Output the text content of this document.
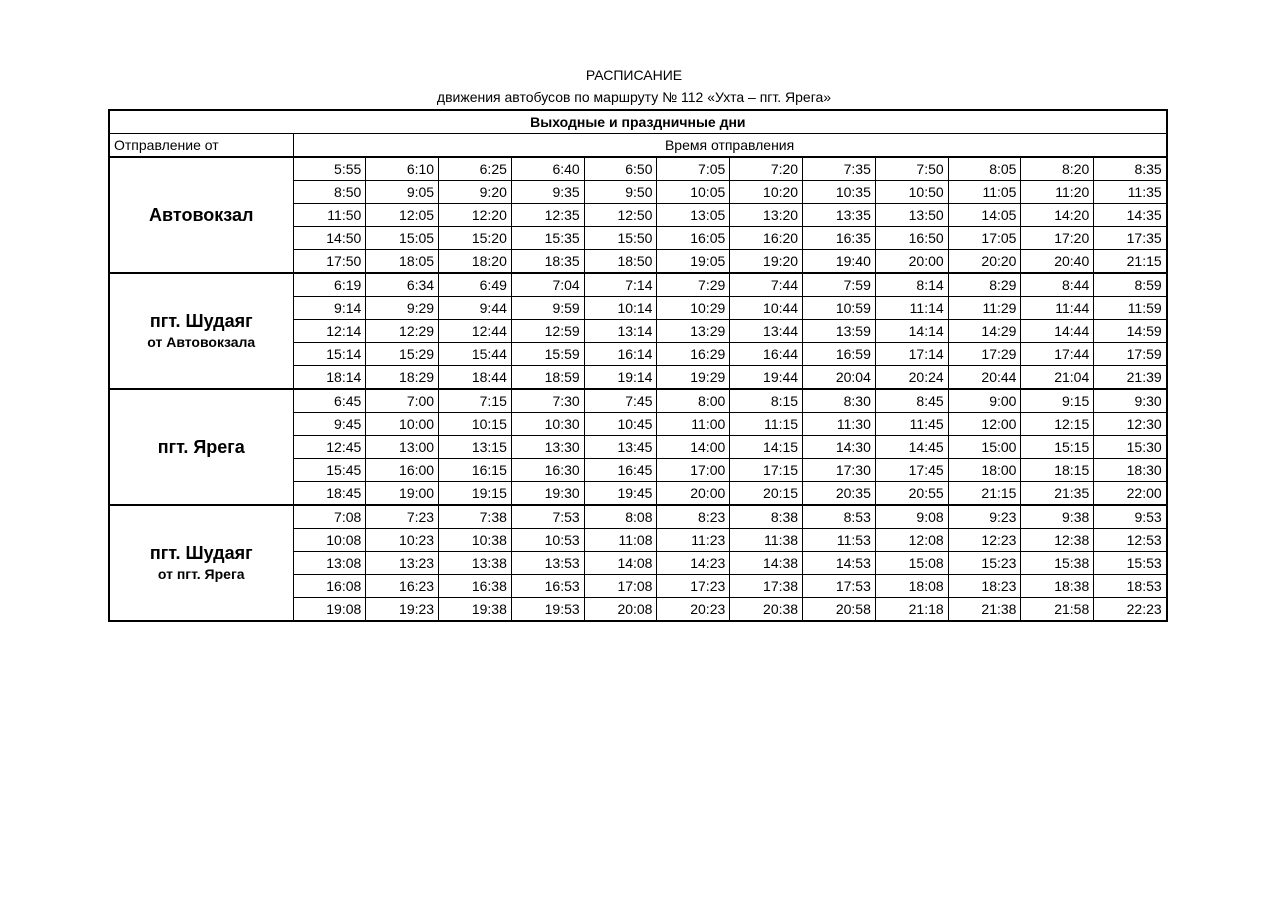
РАСПИСАНИЕ
движения автобусов по маршруту № 112 «Ухта – пгт. Ярега»
Выходные и праздничные дни												
Отправление от	Время отправления											

Автовокзал	5:55	6:10	6:25	6:40	6:50	7:05	7:20	7:35	7:50	8:05	8:20	8:35
	8:50	9:05	9:20	9:35	9:50	10:05	10:20	10:35	10:50	11:05	11:20	11:35
	11:50	12:05	12:20	12:35	12:50	13:05	13:20	13:35	13:50	14:05	14:20	14:35
	14:50	15:05	15:20	15:35	15:50	16:05	16:20	16:35	16:50	17:05	17:20	17:35
	17:50	18:05	18:20	18:35	18:50	19:05	19:20	19:40	20:00	20:20	20:40	21:15

пгт. Шудаяг
от Автовокзала	6:19	6:34	6:49	7:04	7:14	7:29	7:44	7:59	8:14	8:29	8:44	8:59
	9:14	9:29	9:44	9:59	10:14	10:29	10:44	10:59	11:14	11:29	11:44	11:59
	12:14	12:29	12:44	12:59	13:14	13:29	13:44	13:59	14:14	14:29	14:44	14:59
	15:14	15:29	15:44	15:59	16:14	16:29	16:44	16:59	17:14	17:29	17:44	17:59
	18:14	18:29	18:44	18:59	19:14	19:29	19:44	20:04	20:24	20:44	21:04	21:39

пгт. Ярега	6:45	7:00	7:15	7:30	7:45	8:00	8:15	8:30	8:45	9:00	9:15	9:30
	9:45	10:00	10:15	10:30	10:45	11:00	11:15	11:30	11:45	12:00	12:15	12:30
	12:45	13:00	13:15	13:30	13:45	14:00	14:15	14:30	14:45	15:00	15:15	15:30
	15:45	16:00	16:15	16:30	16:45	17:00	17:15	17:30	17:45	18:00	18:15	18:30
	18:45	19:00	19:15	19:30	19:45	20:00	20:15	20:35	20:55	21:15	21:35	22:00

пгт. Шудаяг
от пгт. Ярега	7:08	7:23	7:38	7:53	8:08	8:23	8:38	8:53	9:08	9:23	9:38	9:53
	10:08	10:23	10:38	10:53	11:08	11:23	11:38	11:53	12:08	12:23	12:38	12:53
	13:08	13:23	13:38	13:53	14:08	14:23	14:38	14:53	15:08	15:23	15:38	15:53
	16:08	16:23	16:38	16:53	17:08	17:23	17:38	17:53	18:08	18:23	18:38	18:53
	19:08	19:23	19:38	19:53	20:08	20:23	20:38	20:58	21:18	21:38	21:58	22:23
